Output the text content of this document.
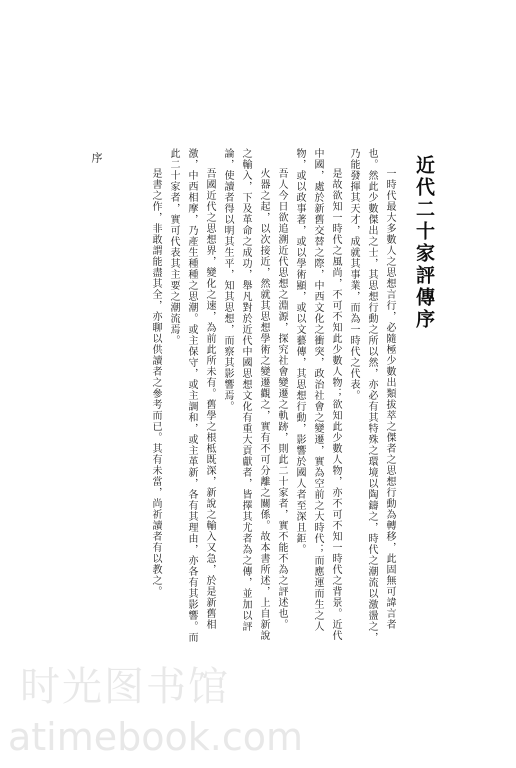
近代二十家評傳序

一時代最大多數人之思想言行，必隨極少數出類拔萃之傑者之思想行動為轉移，此固無可諱言者也。然此少數傑出之士，其思想行動之所以然，亦必有其特殊之環境以陶鑄之，時代之潮流以激盪之，乃能發揮其天才，成就其事業，而為一時代之代表。

是故欲知一時代之風尚，不可不知此少數人物；欲知此少數人物，亦不可不知一時代之背景。近代中國，處於新舊交替之際，中西文化之衝突，政治社會之變遷，實為空前之大時代；而應運而生之人物，或以政事著，或以學術顯，或以文藝傳，其思想行動，影響於國人者至深且鉅。

吾人今日欲追溯近代思想之淵源，探究社會變遷之軌跡，則此二十家者，實不能不為之評述也。

火器之起，以次接近，然就其思想學術之變遷觀之，實有不可分離之關係。故本書所述，上自新說之輸入，下及革命之成功，舉凡對於近代中國思想文化有重大貢獻者，皆擇其尤者為之傳，並加以評論，使讀者得以明其生平，知其思想，而察其影響焉。

吾國近代之思想界，變化之速，為前此所未有。舊學之根柢既深，新說之輸入又急，於是新舊相激，中西相摩，乃產生種種之思潮。或主保守，或主調和，或主革新，各有其理由，亦各有其影響。而此二十家者，實可代表其主要之潮流焉。

是書之作，非敢謂能盡其全，亦聊以供讀者之參考而已。其有未當，尚祈讀者有以教之。

序
时光图书馆
atimebook.com
